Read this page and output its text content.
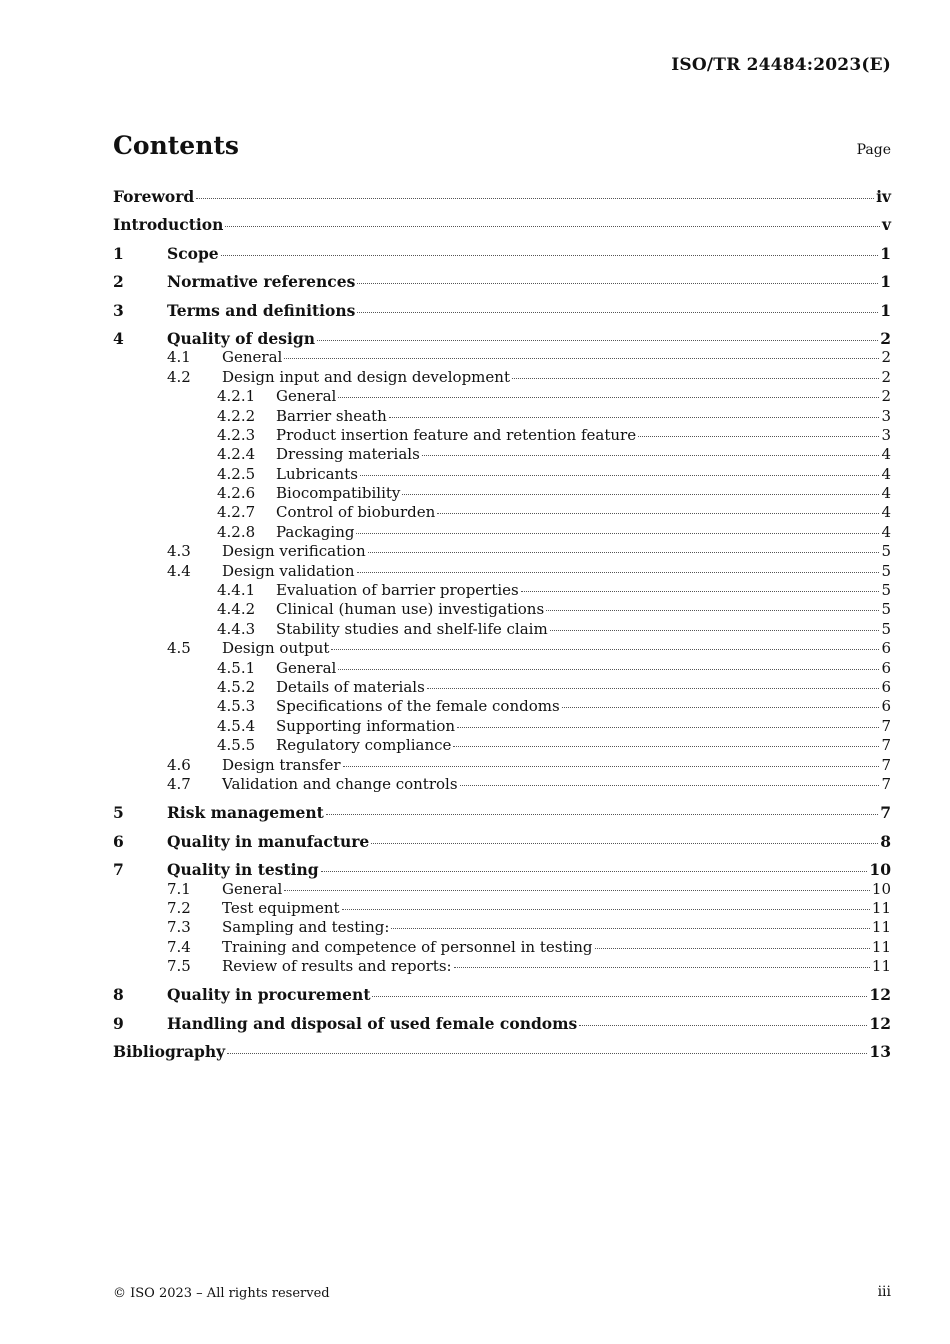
ISO/TR 24484:2023(E)
Contents	Page
Foreword	iv
Introduction	v
1	Scope	1
2	Normative references	1
3	Terms and definitions	1
4	Quality of design	2
4.1	General	2
4.2	Design input and design development	2
4.2.1	General	2
4.2.2	Barrier sheath	3
4.2.3	Product insertion feature and retention feature	3
4.2.4	Dressing materials	4
4.2.5	Lubricants	4
4.2.6	Biocompatibility	4
4.2.7	Control of bioburden	4
4.2.8	Packaging	4
4.3	Design verification	5
4.4	Design validation	5
4.4.1	Evaluation of barrier properties	5
4.4.2	Clinical (human use) investigations	5
4.4.3	Stability studies and shelf-life claim	5
4.5	Design output	6
4.5.1	General	6
4.5.2	Details of materials	6
4.5.3	Specifications of the female condoms	6
4.5.4	Supporting information	7
4.5.5	Regulatory compliance	7
4.6	Design transfer	7
4.7	Validation and change controls	7
5	Risk management	7
6	Quality in manufacture	8
7	Quality in testing	10
7.1	General	10
7.2	Test equipment	11
7.3	Sampling and testing:	11
7.4	Training and competence of personnel in testing	11
7.5	Review of results and reports:	11
8	Quality in procurement	12
9	Handling and disposal of used female condoms	12
Bibliography	13
© ISO 2023 – All rights reserved	iii
